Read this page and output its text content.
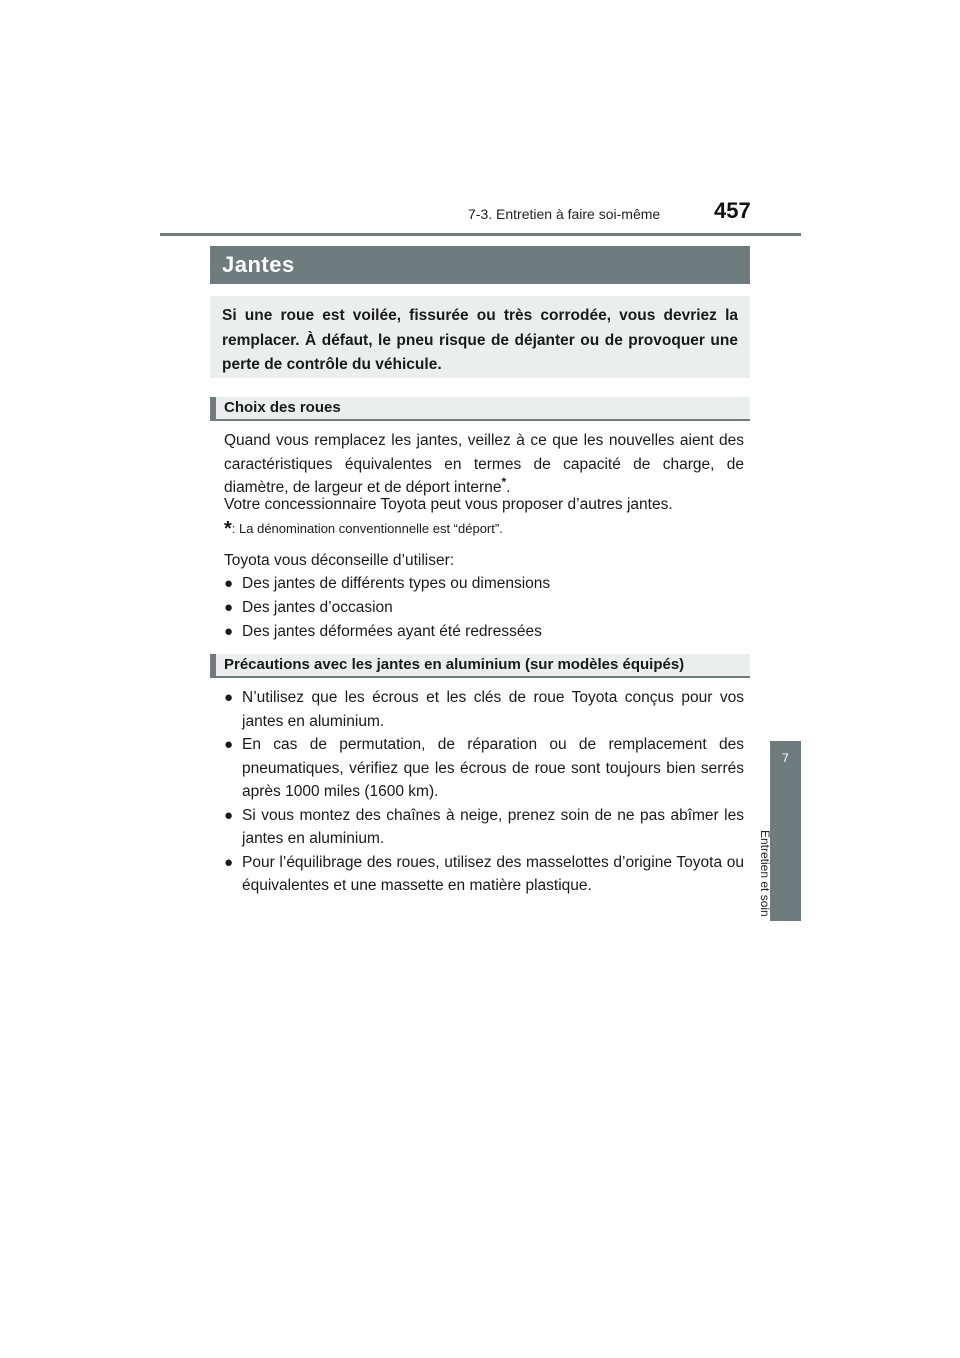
7-3. Entretien à faire soi-même 457
7
Entretien et soin
Jantes
Si une roue est voilée, fissurée ou très corrodée, vous devriez la remplacer. À défaut, le pneu risque de déjanter ou de provoquer une perte de contrôle du véhicule.
Choix des roues
Quand vous remplacez les jantes, veillez à ce que les nouvelles aient des caractéristiques équivalentes en termes de capacité de charge, de diamètre, de largeur et de déport interne*.
Votre concessionnaire Toyota peut vous proposer d’autres jantes.
*: La dénomination conventionnelle est “déport”.
Toyota vous déconseille d’utiliser:
● Des jantes de différents types ou dimensions
● Des jantes d’occasion
● Des jantes déformées ayant été redressées
Précautions avec les jantes en aluminium (sur modèles équipés)
● N’utilisez que les écrous et les clés de roue Toyota conçus pour vos jantes en aluminium.
● En cas de permutation, de réparation ou de remplacement des pneumatiques, vérifiez que les écrous de roue sont toujours bien serrés après 1000 miles (1600 km).
● Si vous montez des chaînes à neige, prenez soin de ne pas abîmer les jantes en aluminium.
● Pour l’équilibrage des roues, utilisez des masselottes d’origine Toyota ou équivalentes et une massette en matière plastique.
